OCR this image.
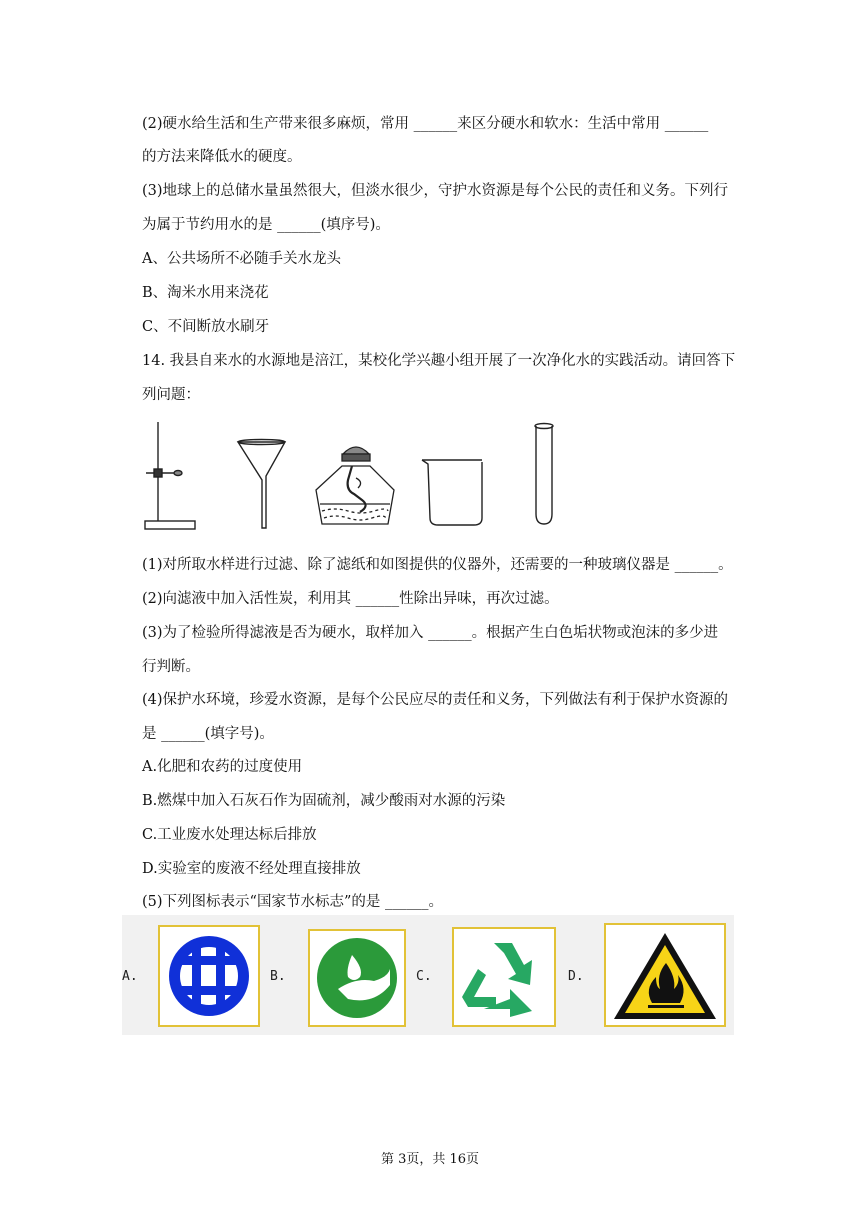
(2)硬水给生活和生产带来很多麻烦，常用 ______来区分硬水和软水：生活中常用 ______
的方法来降低水的硬度。
(3)地球上的总储水量虽然很大，但淡水很少，守护水资源是每个公民的责任和义务。下列行
为属于节约用水的是 ______(填序号)。
A、公共场所不必随手关水龙头
B、淘米水用来浇花
C、不间断放水刷牙
14. 我县自来水的水源地是涪江，某校化学兴趣小组开展了一次净化水的实践活动。请回答下
列问题：
(1)对所取水样进行过滤、除了滤纸和如图提供的仪器外，还需要的一种玻璃仪器是 ______。
(2)向滤液中加入活性炭，利用其 ______性除出异味，再次过滤。
(3)为了检验所得滤液是否为硬水，取样加入 ______。根据产生白色垢状物或泡沫的多少进
行判断。
(4)保护水环境，珍爱水资源，是每个公民应尽的责任和义务，下列做法有利于保护水资源的
是 ______(填字号)。
A.化肥和农药的过度使用
B.燃煤中加入石灰石作为固硫剂，减少酸雨对水源的污染
C.工业废水处理达标后排放
D.实验室的废液不经处理直接排放
(5)下列图标表示“国家节水标志”的是 ______。
A.	B.	C.	D.
第 3页，共 16页
